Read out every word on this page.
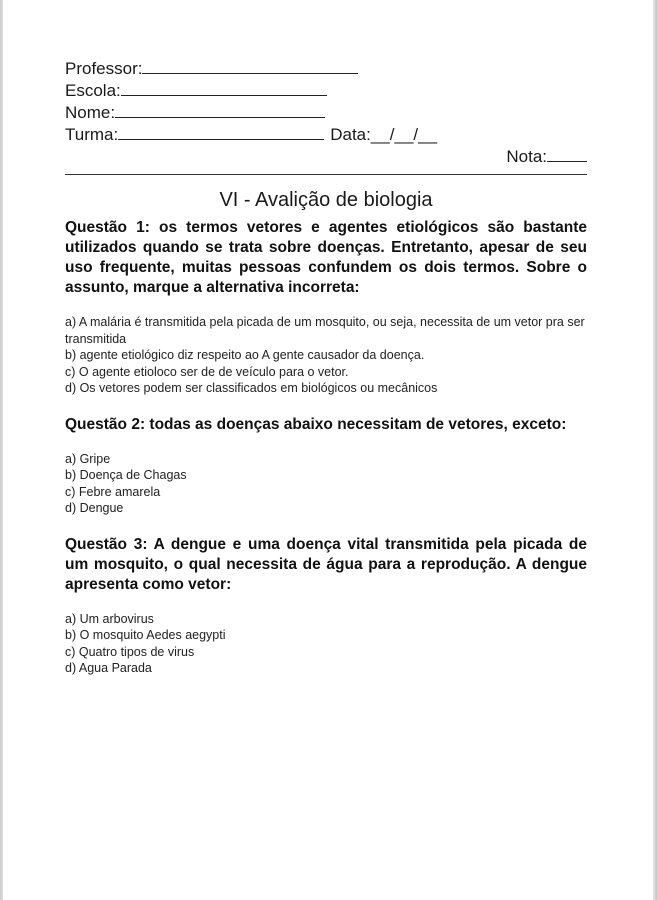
Professor:
Escola:
Nome:
Turma:	Data:__/__/__
Nota:
VI - Avalição de biologia

Questão 1: os termos vetores e agentes etiológicos são bastante utilizados quando se trata sobre doenças. Entretanto, apesar de seu uso frequente, muitas pessoas confundem os dois termos. Sobre o assunto, marque a alternativa incorreta:

a) A malária é transmitida pela picada de um mosquito, ou seja, necessita de um vetor pra ser transmitida
b) agente etiológico diz respeito ao A gente causador da doença.
c) O agente etioloco ser de de veículo para o vetor.
d) Os vetores podem ser classificados em biológicos ou mecânicos

Questão 2: todas as doenças abaixo necessitam de vetores, exceto:

a) Gripe
b) Doença de Chagas
c) Febre amarela
d) Dengue

Questão 3: A dengue e uma doença vital transmitida pela picada de um mosquito, o qual necessita de água para a reprodução. A dengue apresenta como vetor:

a) Um arbovirus
b) O mosquito Aedes aegypti
c) Quatro tipos de virus
d) Agua Parada
